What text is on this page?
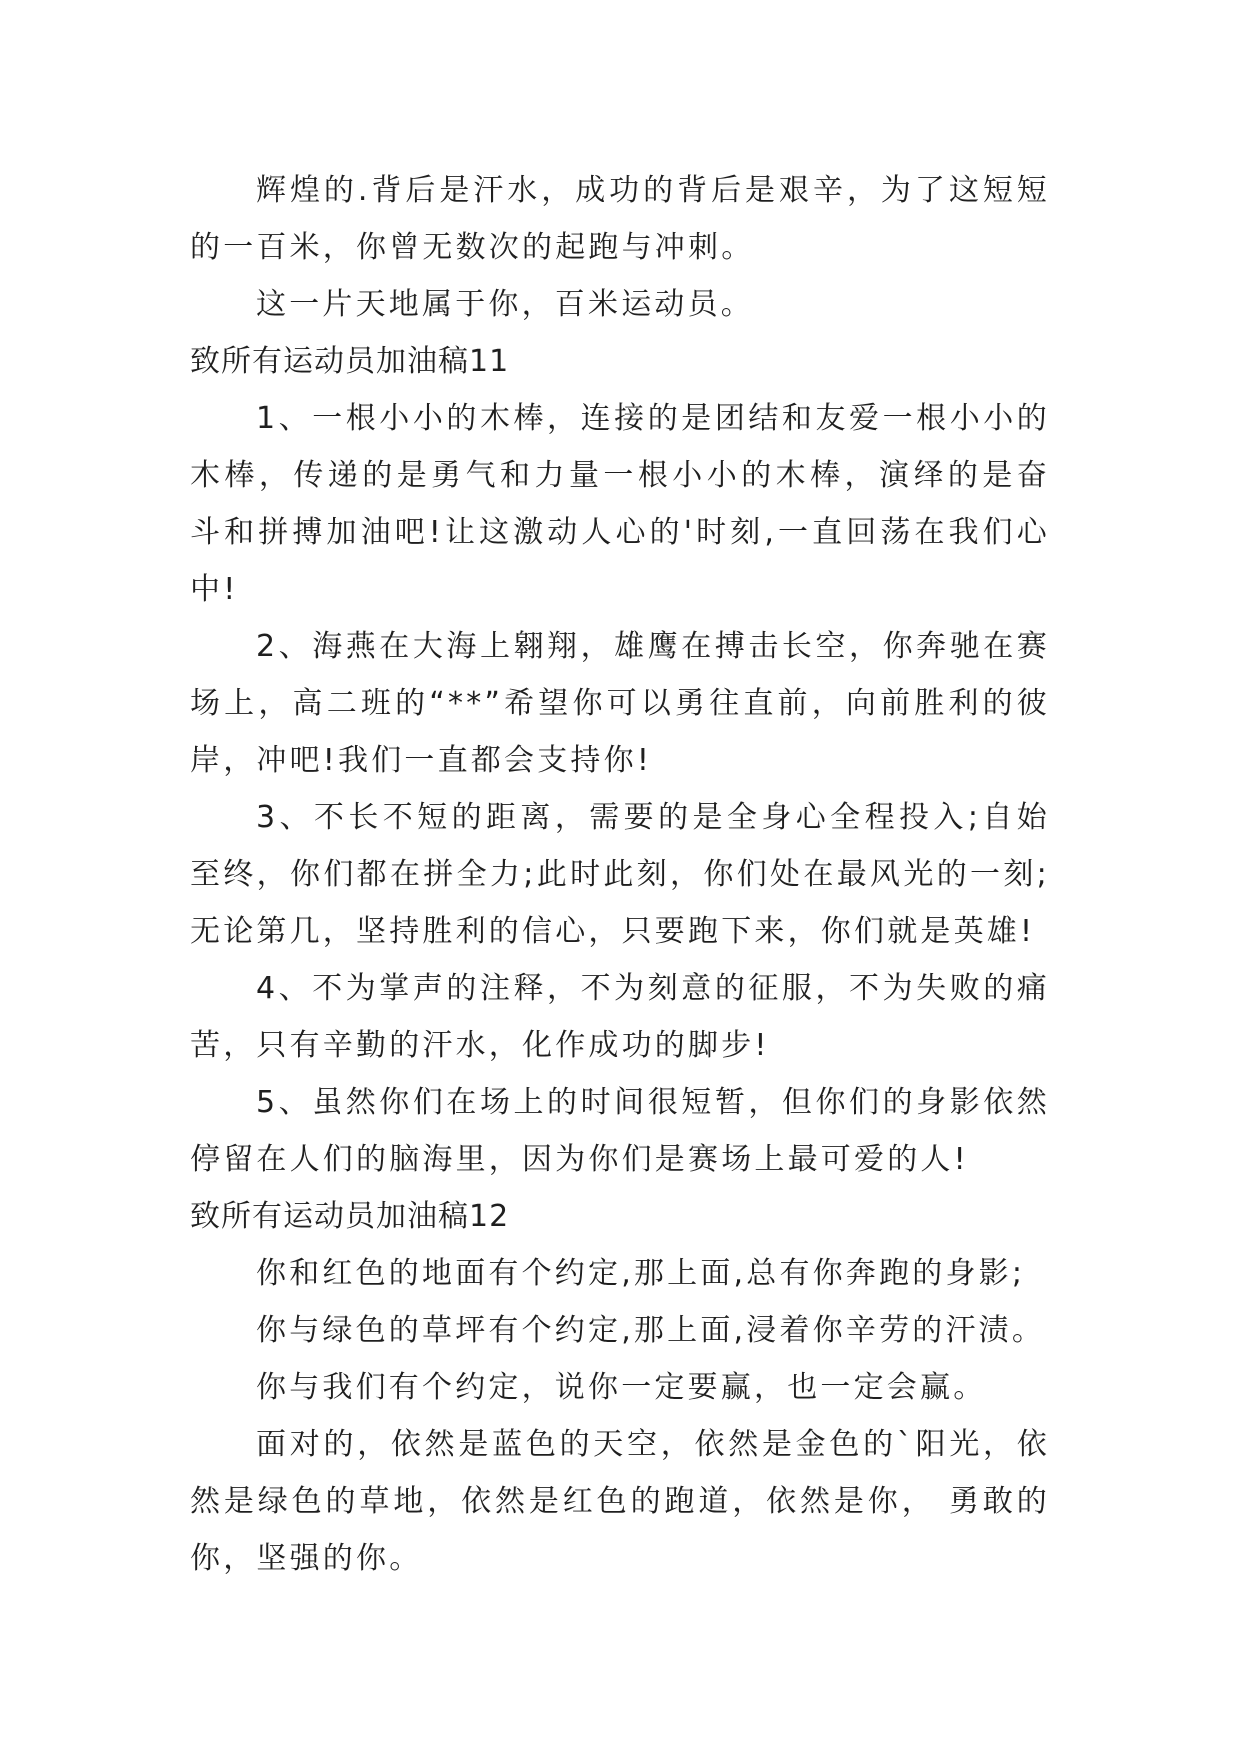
辉煌的.背后是汗水，成功的背后是艰辛，为了这短短的一百米，你曾无数次的起跑与冲刺。

这一片天地属于你，百米运动员。

致所有运动员加油稿11

1、一根小小的木棒，连接的是团结和友爱一根小小的木棒，传递的是勇气和力量一根小小的木棒，演绎的是奋斗和拼搏加油吧!让这激动人心的'时刻,一直回荡在我们心中!

2、海燕在大海上翱翔，雄鹰在搏击长空，你奔驰在赛场上，高二班的“**”希望你可以勇往直前，向前胜利的彼岸，冲吧!我们一直都会支持你!

3、不长不短的距离，需要的是全身心全程投入;自始至终，你们都在拼全力;此时此刻，你们处在最风光的一刻;无论第几，坚持胜利的信心，只要跑下来，你们就是英雄!

4、不为掌声的注释，不为刻意的征服，不为失败的痛苦，只有辛勤的汗水，化作成功的脚步!

5、虽然你们在场上的时间很短暂，但你们的身影依然停留在人们的脑海里，因为你们是赛场上最可爱的人!

致所有运动员加油稿12

你和红色的地面有个约定,那上面,总有你奔跑的身影;

你与绿色的草坪有个约定,那上面,浸着你辛劳的汗渍。

你与我们有个约定，说你一定要赢，也一定会赢。

面对的，依然是蓝色的天空，依然是金色的`阳光，依然是绿色的草地，依然是红色的跑道，依然是你， 勇敢的你，坚强的你。
